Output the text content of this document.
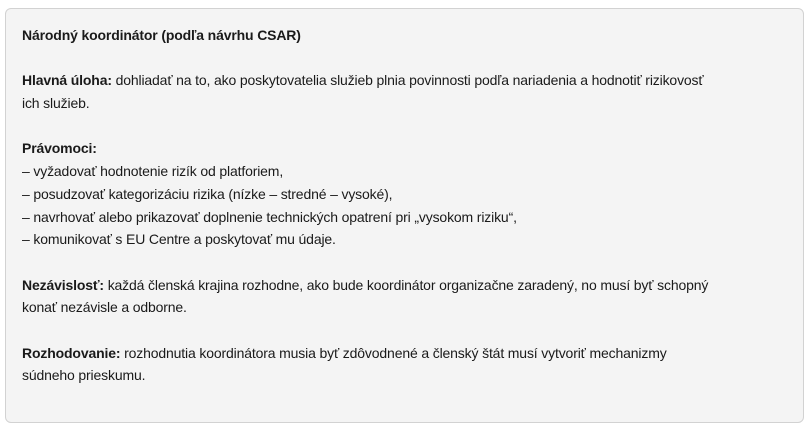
Národný koordinátor (podľa návrhu CSAR)
Hlavná úloha: dohliadať na to, ako poskytovatelia služieb plnia povinnosti podľa nariadenia a hodnotiť rizikovosť
ich služieb.
Právomoci:
– vyžadovať hodnotenie rizík od platforiem,
– posudzovať kategorizáciu rizika (nízke – stredné – vysoké),
– navrhovať alebo prikazovať doplnenie technických opatrení pri „vysokom riziku“,
– komunikovať s EU Centre a poskytovať mu údaje.
Nezávislosť: každá členská krajina rozhodne, ako bude koordinátor organizačne zaradený, no musí byť schopný
konať nezávisle a odborne.
Rozhodovanie: rozhodnutia koordinátora musia byť zdôvodnené a členský štát musí vytvoriť mechanizmy
súdneho prieskumu.
